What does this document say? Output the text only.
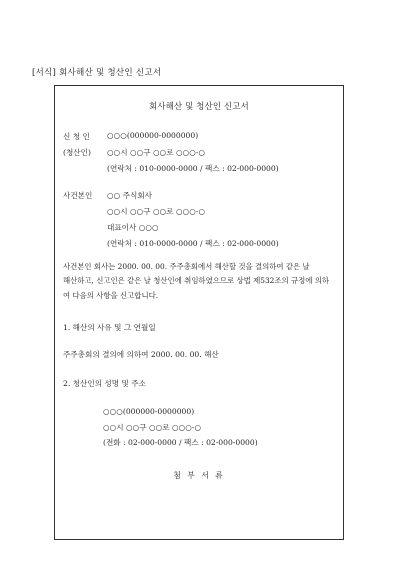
[서식] 회사해산 및 청산인 신고서
회사해산 및 청산인 신고서
신 청 인
(청산인)
○○○(000000-0000000)
○○시 ○○구 ○○로 ○○○-○
(연락처 : 010-0000-0000 / 팩스 : 02-000-0000)
사건본인 ○○ 주식회사
○○시 ○○구 ○○로 ○○○-○
대표이사 ○○○
(연락처 : 010-0000-0000 / 팩스 : 02-000-0000)
사건본인 회사는 2000. 00. 00. 주주총회에서 해산할 것을 결의하여 같은 날
해산하고, 신고인은 같은 날 청산인에 취임하였으므로 상법 제532조의 규정에 의하
여 다음의 사항을 신고합니다.
1. 해산의 사유 및 그 연월일
주주총회의 결의에 의하여 2000. 00. 00. 해산
2. 청산인의 성명 및 주소
○○○(000000-0000000)
○○시 ○○구 ○○로 ○○○-○
(전화 : 02-000-0000 / 팩스 : 02-000-0000)
첨 부 서 류
